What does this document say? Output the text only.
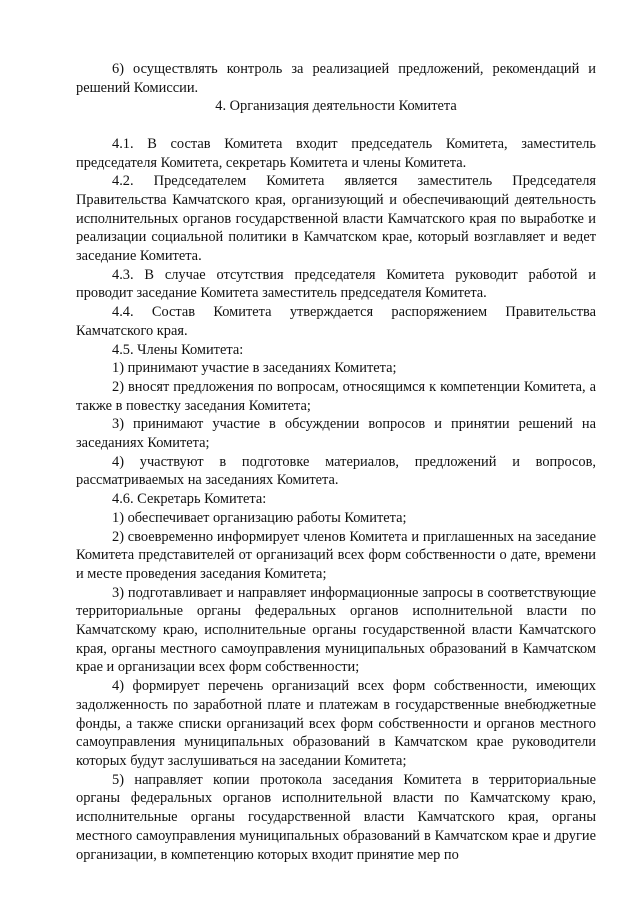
6) осуществлять контроль за реализацией предложений, рекомендаций и решений Комиссии.

4. Организация деятельности Комитета

4.1. В состав Комитета входит председатель Комитета, заместитель председателя Комитета, секретарь Комитета и члены Комитета.

4.2. Председателем Комитета является заместитель Председателя Правительства Камчатского края, организующий и обеспечивающий деятельность исполнительных органов государственной власти Камчатского края по выработке и реализации социальной политики в Камчатском крае, который возглавляет и ведет заседание Комитета.

4.3. В случае отсутствия председателя Комитета руководит работой и проводит заседание Комитета заместитель председателя Комитета.

4.4. Состав Комитета утверждается распоряжением Правительства Камчатского края.

4.5. Члены Комитета:

1) принимают участие в заседаниях Комитета;

2) вносят предложения по вопросам, относящимся к компетенции Комитета, а также в повестку заседания Комитета;

3) принимают участие в обсуждении вопросов и принятии решений на заседаниях Комитета;

4) участвуют в подготовке материалов, предложений и вопросов, рассматриваемых на заседаниях Комитета.

4.6. Секретарь Комитета:

1) обеспечивает организацию работы Комитета;

2) своевременно информирует членов Комитета и приглашенных на заседание Комитета представителей от организаций всех форм собственности о дате, времени и месте проведения заседания Комитета;

3) подготавливает и направляет информационные запросы в соответствующие территориальные органы федеральных органов исполнительной власти по Камчатскому краю, исполнительные органы государственной власти Камчатского края, органы местного самоуправления муниципальных образований в Камчатском крае и организации всех форм собственности;

4) формирует перечень организаций всех форм собственности, имеющих задолженность по заработной плате и платежам в государственные внебюджетные фонды, а также списки организаций всех форм собственности и органов местного самоуправления муниципальных образований в Камчатском крае руководители которых будут заслушиваться на заседании Комитета;

5) направляет копии протокола заседания Комитета в территориальные органы федеральных органов исполнительной власти по Камчатскому краю, исполнительные органы государственной власти Камчатского края, органы местного самоуправления муниципальных образований в Камчатском крае и другие организации, в компетенцию которых входит принятие мер по
